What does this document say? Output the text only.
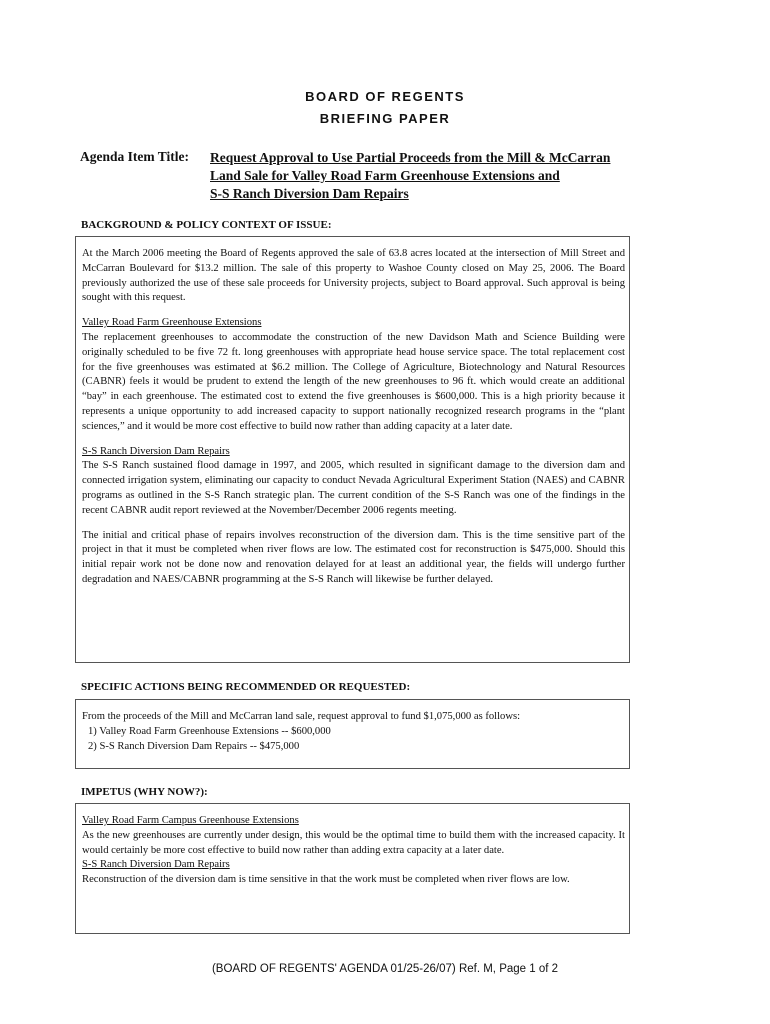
BOARD OF REGENTS
BRIEFING PAPER
Agenda Item Title: Request Approval to Use Partial Proceeds from the Mill & McCarran
Land Sale for Valley Road Farm Greenhouse Extensions and
S-S Ranch Diversion Dam Repairs
BACKGROUND & POLICY CONTEXT OF ISSUE:

At the March 2006 meeting the Board of Regents approved the sale of 63.8 acres located at the intersection of Mill Street and McCarran Boulevard for $13.2 million. The sale of this property to Washoe County closed on May 25, 2006. The Board previously authorized the use of these sale proceeds for University projects, subject to Board approval. Such approval is being sought with this request.

Valley Road Farm Greenhouse Extensions

The replacement greenhouses to accommodate the construction of the new Davidson Math and Science Building were originally scheduled to be five 72 ft. long greenhouses with appropriate head house service space. The total replacement cost for the five greenhouses was estimated at $6.2 million. The College of Agriculture, Biotechnology and Natural Resources (CABNR) feels it would be prudent to extend the length of the new greenhouses to 96 ft. which would create an additional “bay” in each greenhouse. The estimated cost to extend the five greenhouses is $600,000. This is a high priority because it represents a unique opportunity to add increased capacity to support nationally recognized research programs in the “plant sciences,” and it would be more cost effective to build now rather than adding capacity at a later date.

S-S Ranch Diversion Dam Repairs

The S-S Ranch sustained flood damage in 1997, and 2005, which resulted in significant damage to the diversion dam and connected irrigation system, eliminating our capacity to conduct Nevada Agricultural Experiment Station (NAES) and CABNR programs as outlined in the S-S Ranch strategic plan. The current condition of the S-S Ranch was one of the findings in the recent CABNR audit report reviewed at the November/December 2006 regents meeting.

The initial and critical phase of repairs involves reconstruction of the diversion dam. This is the time sensitive part of the project in that it must be completed when river flows are low. The estimated cost for reconstruction is $475,000. Should this initial repair work not be done now and renovation delayed for at least an additional year, the fields will undergo further degradation and NAES/CABNR programming at the S-S Ranch will likewise be further delayed.

SPECIFIC ACTIONS BEING RECOMMENDED OR REQUESTED:

From the proceeds of the Mill and McCarran land sale, request approval to fund $1,075,000 as follows:

1) Valley Road Farm Greenhouse Extensions -- $600,000
2) S-S Ranch Diversion Dam Repairs -- $475,000
IMPETUS (WHY NOW?):

Valley Road Farm Campus Greenhouse Extensions

As the new greenhouses are currently under design, this would be the optimal time to build them with the increased capacity. It would certainly be more cost effective to build now rather than adding extra capacity at a later date.

S-S Ranch Diversion Dam Repairs

Reconstruction of the diversion dam is time sensitive in that the work must be completed when river flows are low.

(BOARD OF REGENTS' AGENDA 01/25-26/07) Ref. M, Page 1 of 2
